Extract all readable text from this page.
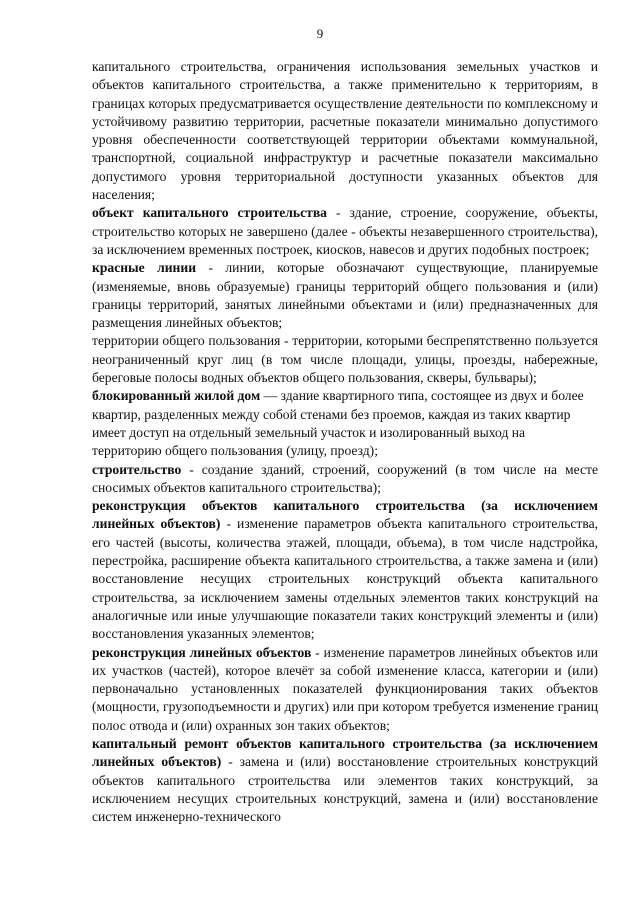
9

капитального строительства, ограничения использования земельных участков и объектов капитального строительства, а также применительно к территориям, в границах которых предусматривается осуществление деятельности по комплексному и устойчивому развитию территории, расчетные показатели минимально допустимого уровня обеспеченности соответствующей территории объектами коммунальной, транспортной, социальной инфраструктур и расчетные показатели максимально допустимого уровня территориальной доступности указанных объектов для населения;

объект капитального строительства - здание, строение, сооружение, объекты, строительство которых не завершено (далее - объекты незавершенного строительства), за исключением временных построек, киосков, навесов и других подобных построек;

красные линии - линии, которые обозначают существующие, планируемые (изменяемые, вновь образуемые) границы территорий общего пользования и (или) границы территорий, занятых линейными объектами и (или) предназначенных для размещения линейных объектов;

территории общего пользования - территории, которыми беспрепятственно пользуется неограниченный круг лиц (в том числе площади, улицы, проезды, набережные, береговые полосы водных объектов общего пользования, скверы, бульвары);

блокированный жилой дом — здание квартирного типа, состоящее из двух и более квартир, разделенных между собой стенами без проемов, каждая из таких квартир имеет доступ на отдельный земельный участок и изолированный выход на территорию общего пользования (улицу, проезд);

строительство - создание зданий, строений, сооружений (в том числе на месте сносимых объектов капитального строительства);

реконструкция объектов капитального строительства (за исключением линейных объектов) - изменение параметров объекта капитального строительства, его частей (высоты, количества этажей, площади, объема), в том числе надстройка, перестройка, расширение объекта капитального строительства, а также замена и (или) восстановление несущих строительных конструкций объекта капитального строительства, за исключением замены отдельных элементов таких конструкций на аналогичные или иные улучшающие показатели таких конструкций элементы и (или) восстановления указанных элементов;

реконструкция линейных объектов - изменение параметров линейных объектов или их участков (частей), которое влечёт за собой изменение класса, категории и (или) первоначально установленных показателей функционирования таких объектов (мощности, грузоподъемности и других) или при котором требуется изменение границ полос отвода и (или) охранных зон таких объектов;

капитальный ремонт объектов капитального строительства (за исключением линейных объектов) - замена и (или) восстановление строительных конструкций объектов капитального строительства или элементов таких конструкций, за исключением несущих строительных конструкций, замена и (или) восстановление систем инженерно-технического
